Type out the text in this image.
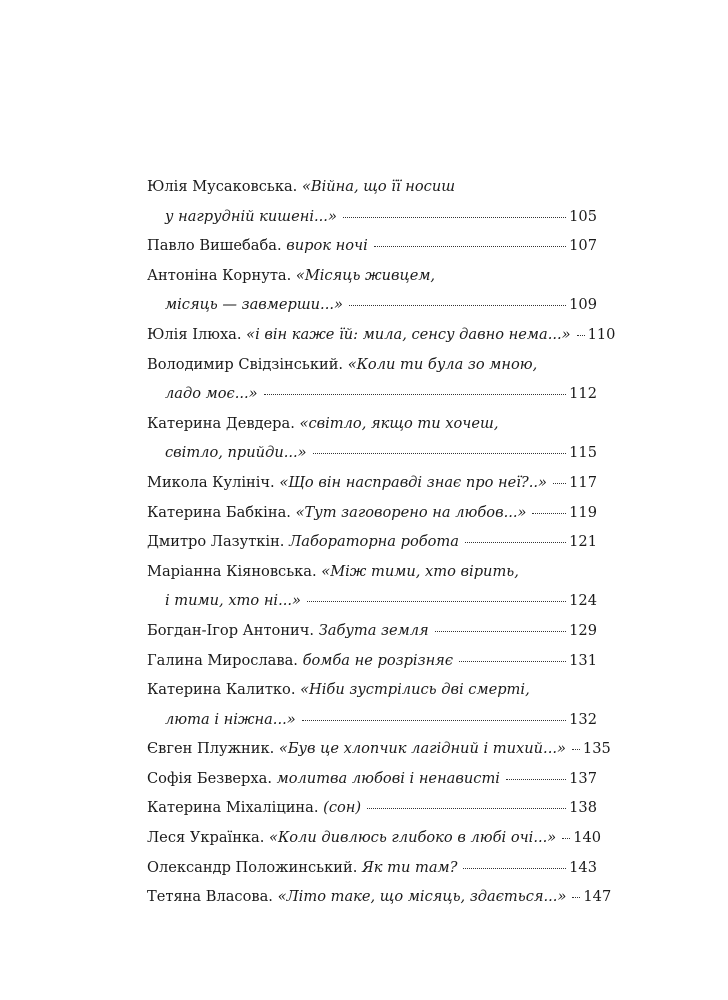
Юлія Мусаковська.
«Війна, що її носиш
у нагрудній кишені...»	105
Павло Вишебаба.
вирок ночі	107
Антоніна Корнута.
«Місяць живцем,
місяць — завмерши...»	109
Юлія Ілюха.
«і він каже їй: мила, сенсу давно нема...» 110
Володимир Свідзінський.
«Коли ти була зо мною,
ладо моє...»	112
Катерина Девдера.
«світло, якщо ти хочеш,
світло, прийди...»	115
Микола Кулініч.
«Що він насправді знає про неї?..» 117
Катерина Бабкіна.
«Тут заговорено на любов...»	119
Дмитро Лазуткін.
Лабораторна робота	121
Маріанна Кіяновська.
«Між тими, хто вірить,
і тими, хто ні...»	124
Богдан-Ігор Антонич.
Забута земля	129
Галина Мирослава.
бомба не розрізняє	131
Катерина Калитко.
«Ніби зустрілись дві смерті,
люта і ніжна...»	132
Євген Плужник.
«Був це хлопчик лагідний і тихий...» 135
Софія Безверха.
молитва любові і ненависті	137
Катерина Міхаліцина.
(сон)	138
Леся Українка.
«Коли дивлюсь глибоко в любі очі...» 140
Олександр Положинський.
Як ти там?	143
Тетяна Власова.
«Літо таке, що місяць, здається...» 147
